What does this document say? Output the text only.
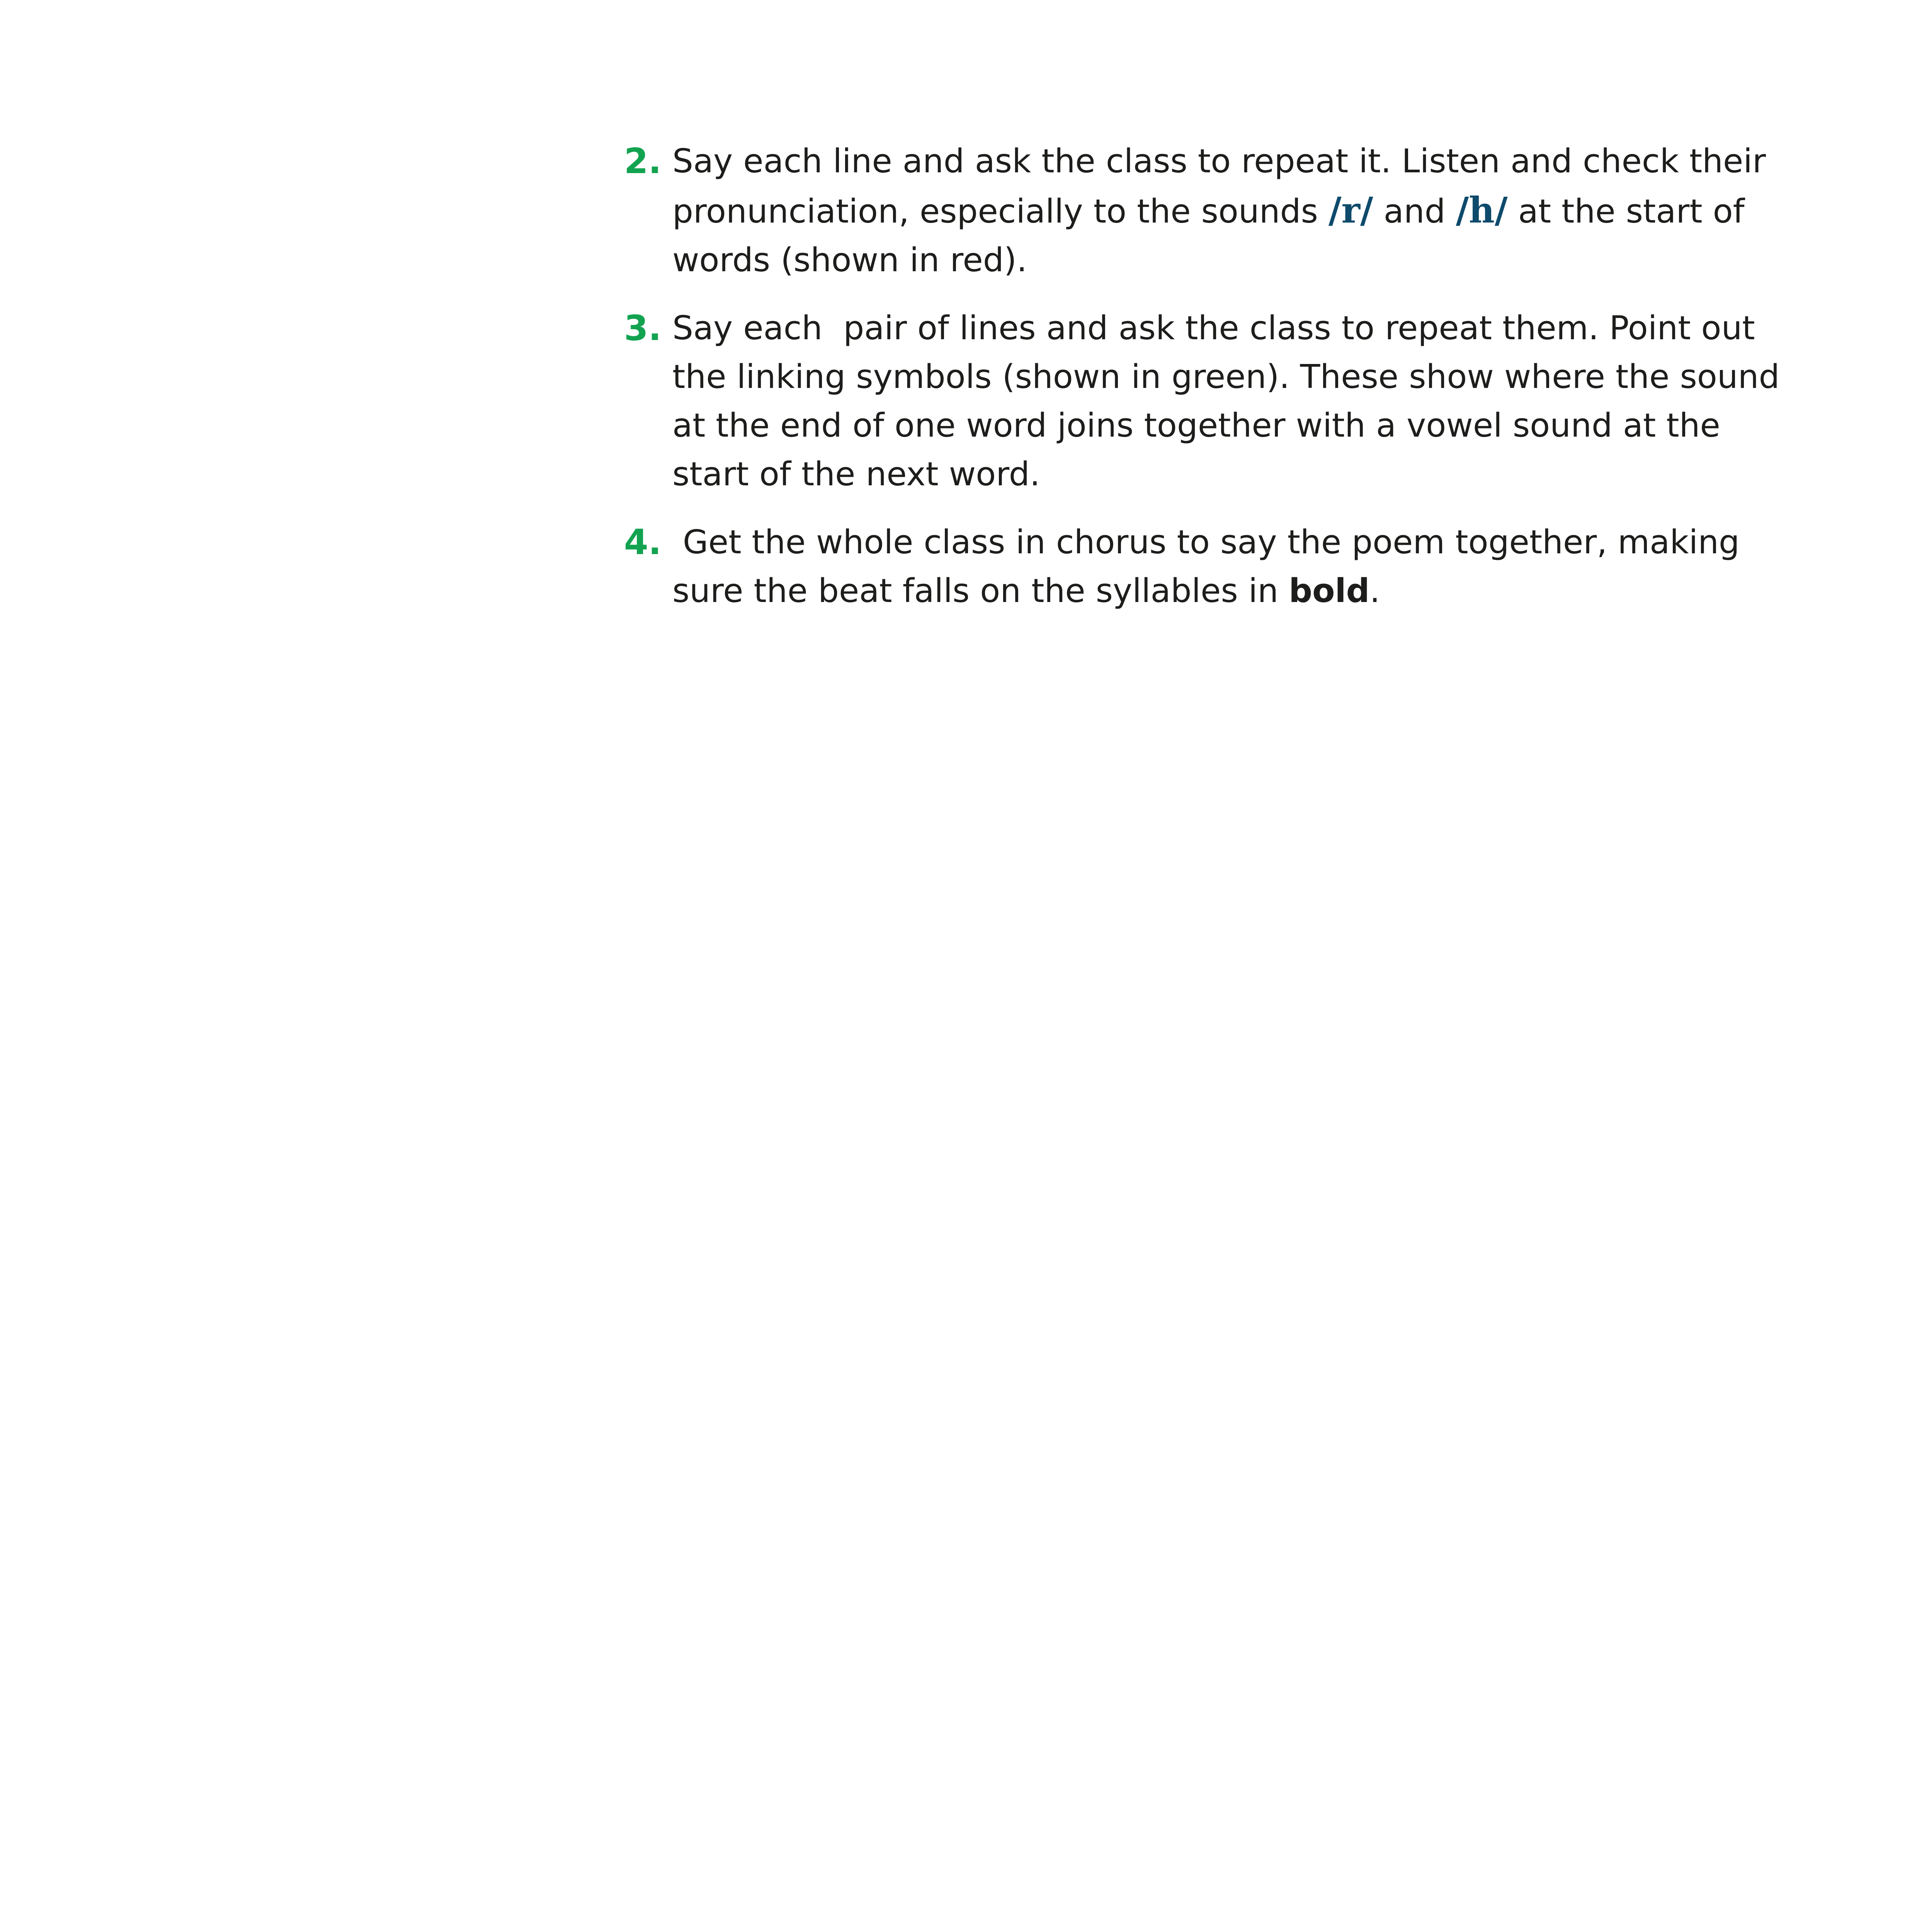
2. Say each line and ask the class to repeat it. Listen and check their pronunciation, especially to the sounds /r/ and /h/ at the start of words (shown in red).
3. Say each  pair of lines and ask the class to repeat them. Point out the linking symbols (shown in green). These show where the sound at the end of one word joins together with a vowel sound at the start of the next word.
4. Get the whole class in chorus to say the poem together, making sure the beat falls on the syllables in bold.
